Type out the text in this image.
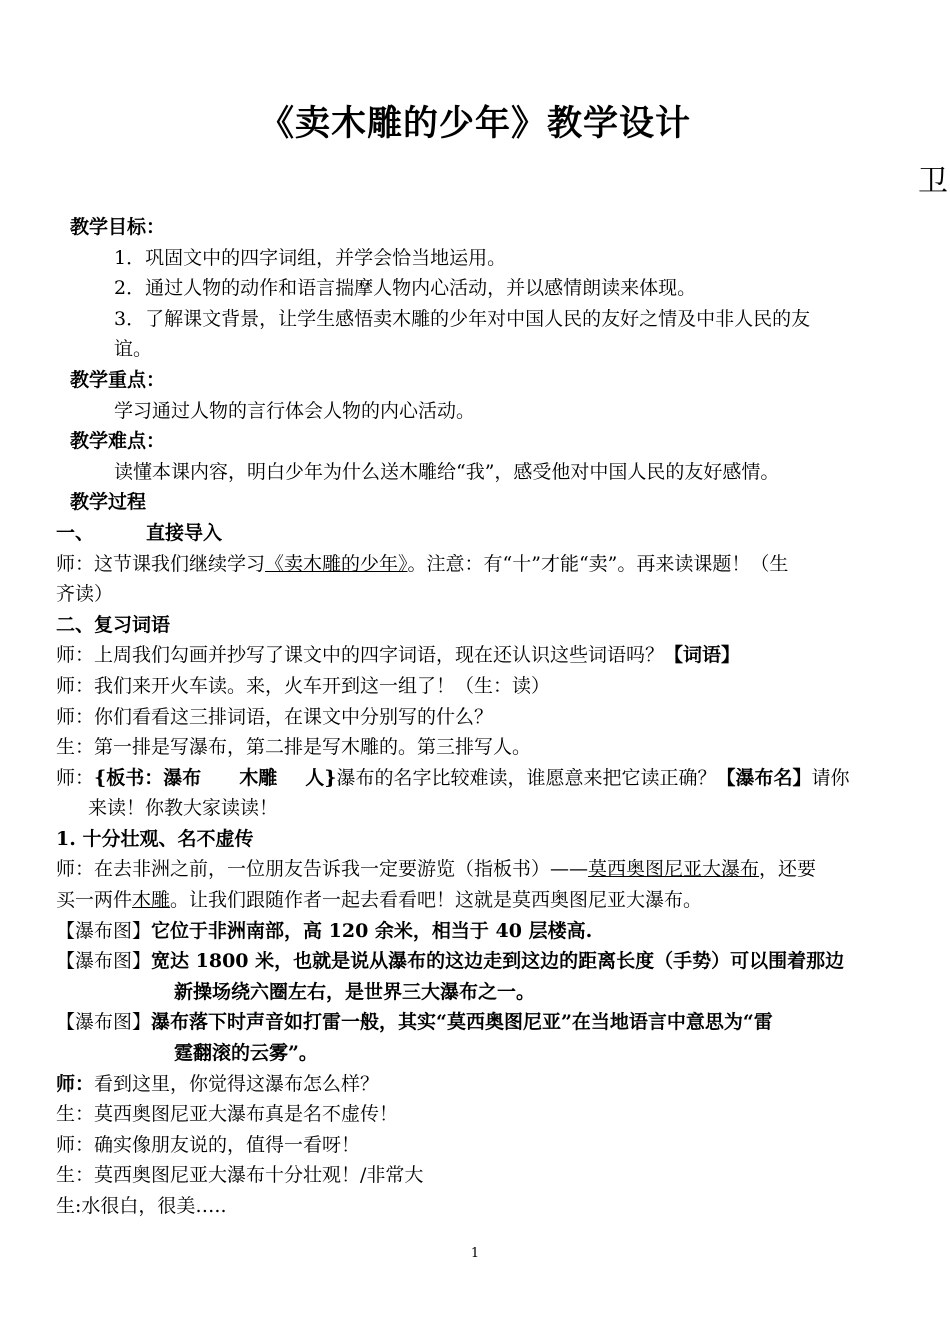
《卖木雕的少年》教学设计
卫
教学目标：
1．巩固文中的四字词组，并学会恰当地运用。
2．通过人物的动作和语言揣摩人物内心活动，并以感情朗读来体现。
3．了解课文背景，让学生感悟卖木雕的少年对中国人民的友好之情及中非人民的友
谊。
教学重点：
学习通过人物的言行体会人物的内心活动。
教学难点：
读懂本课内容，明白少年为什么送木雕给“我”，感受他对中国人民的友好感情。
教学过程
一、	直接导入
师：这节课我们继续学习《卖木雕的少年》。注意：有“十”才能“卖”。再来读课题！（生
齐读）
二、复习词语
师：上周我们勾画并抄写了课文中的四字词语，现在还认识这些词语吗？【词语】
师：我们来开火车读。来，火车开到这一组了！（生：读）
师：你们看看这三排词语，在课文中分别写的什么？
生：第一排是写瀑布，第二排是写木雕的。第三排写人。
师：{板书：瀑布 木雕 人}瀑布的名字比较难读，谁愿意来把它读正确？【瀑布名】请你
来读！你教大家读读！
1. 十分壮观、名不虚传
师：在去非洲之前，一位朋友告诉我一定要游览（指板书）——莫西奥图尼亚大瀑布，还要
买一两件木雕。让我们跟随作者一起去看看吧！这就是莫西奥图尼亚大瀑布。
【瀑布图】它位于非洲南部，高 120 余米，相当于 40 层楼高.
【瀑布图】宽达 1800 米，也就是说从瀑布的这边走到这边的距离长度（手势）可以围着那边
新操场绕六圈左右，是世界三大瀑布之一。
【瀑布图】瀑布落下时声音如打雷一般，其实“莫西奥图尼亚”在当地语言中意思为“雷
霆翻滚的云雾”。
师：看到这里，你觉得这瀑布怎么样？
生：莫西奥图尼亚大瀑布真是名不虚传！
师：确实像朋友说的，值得一看呀！
生：莫西奥图尼亚大瀑布十分壮观！/非常大
生:水很白，很美…..
1
